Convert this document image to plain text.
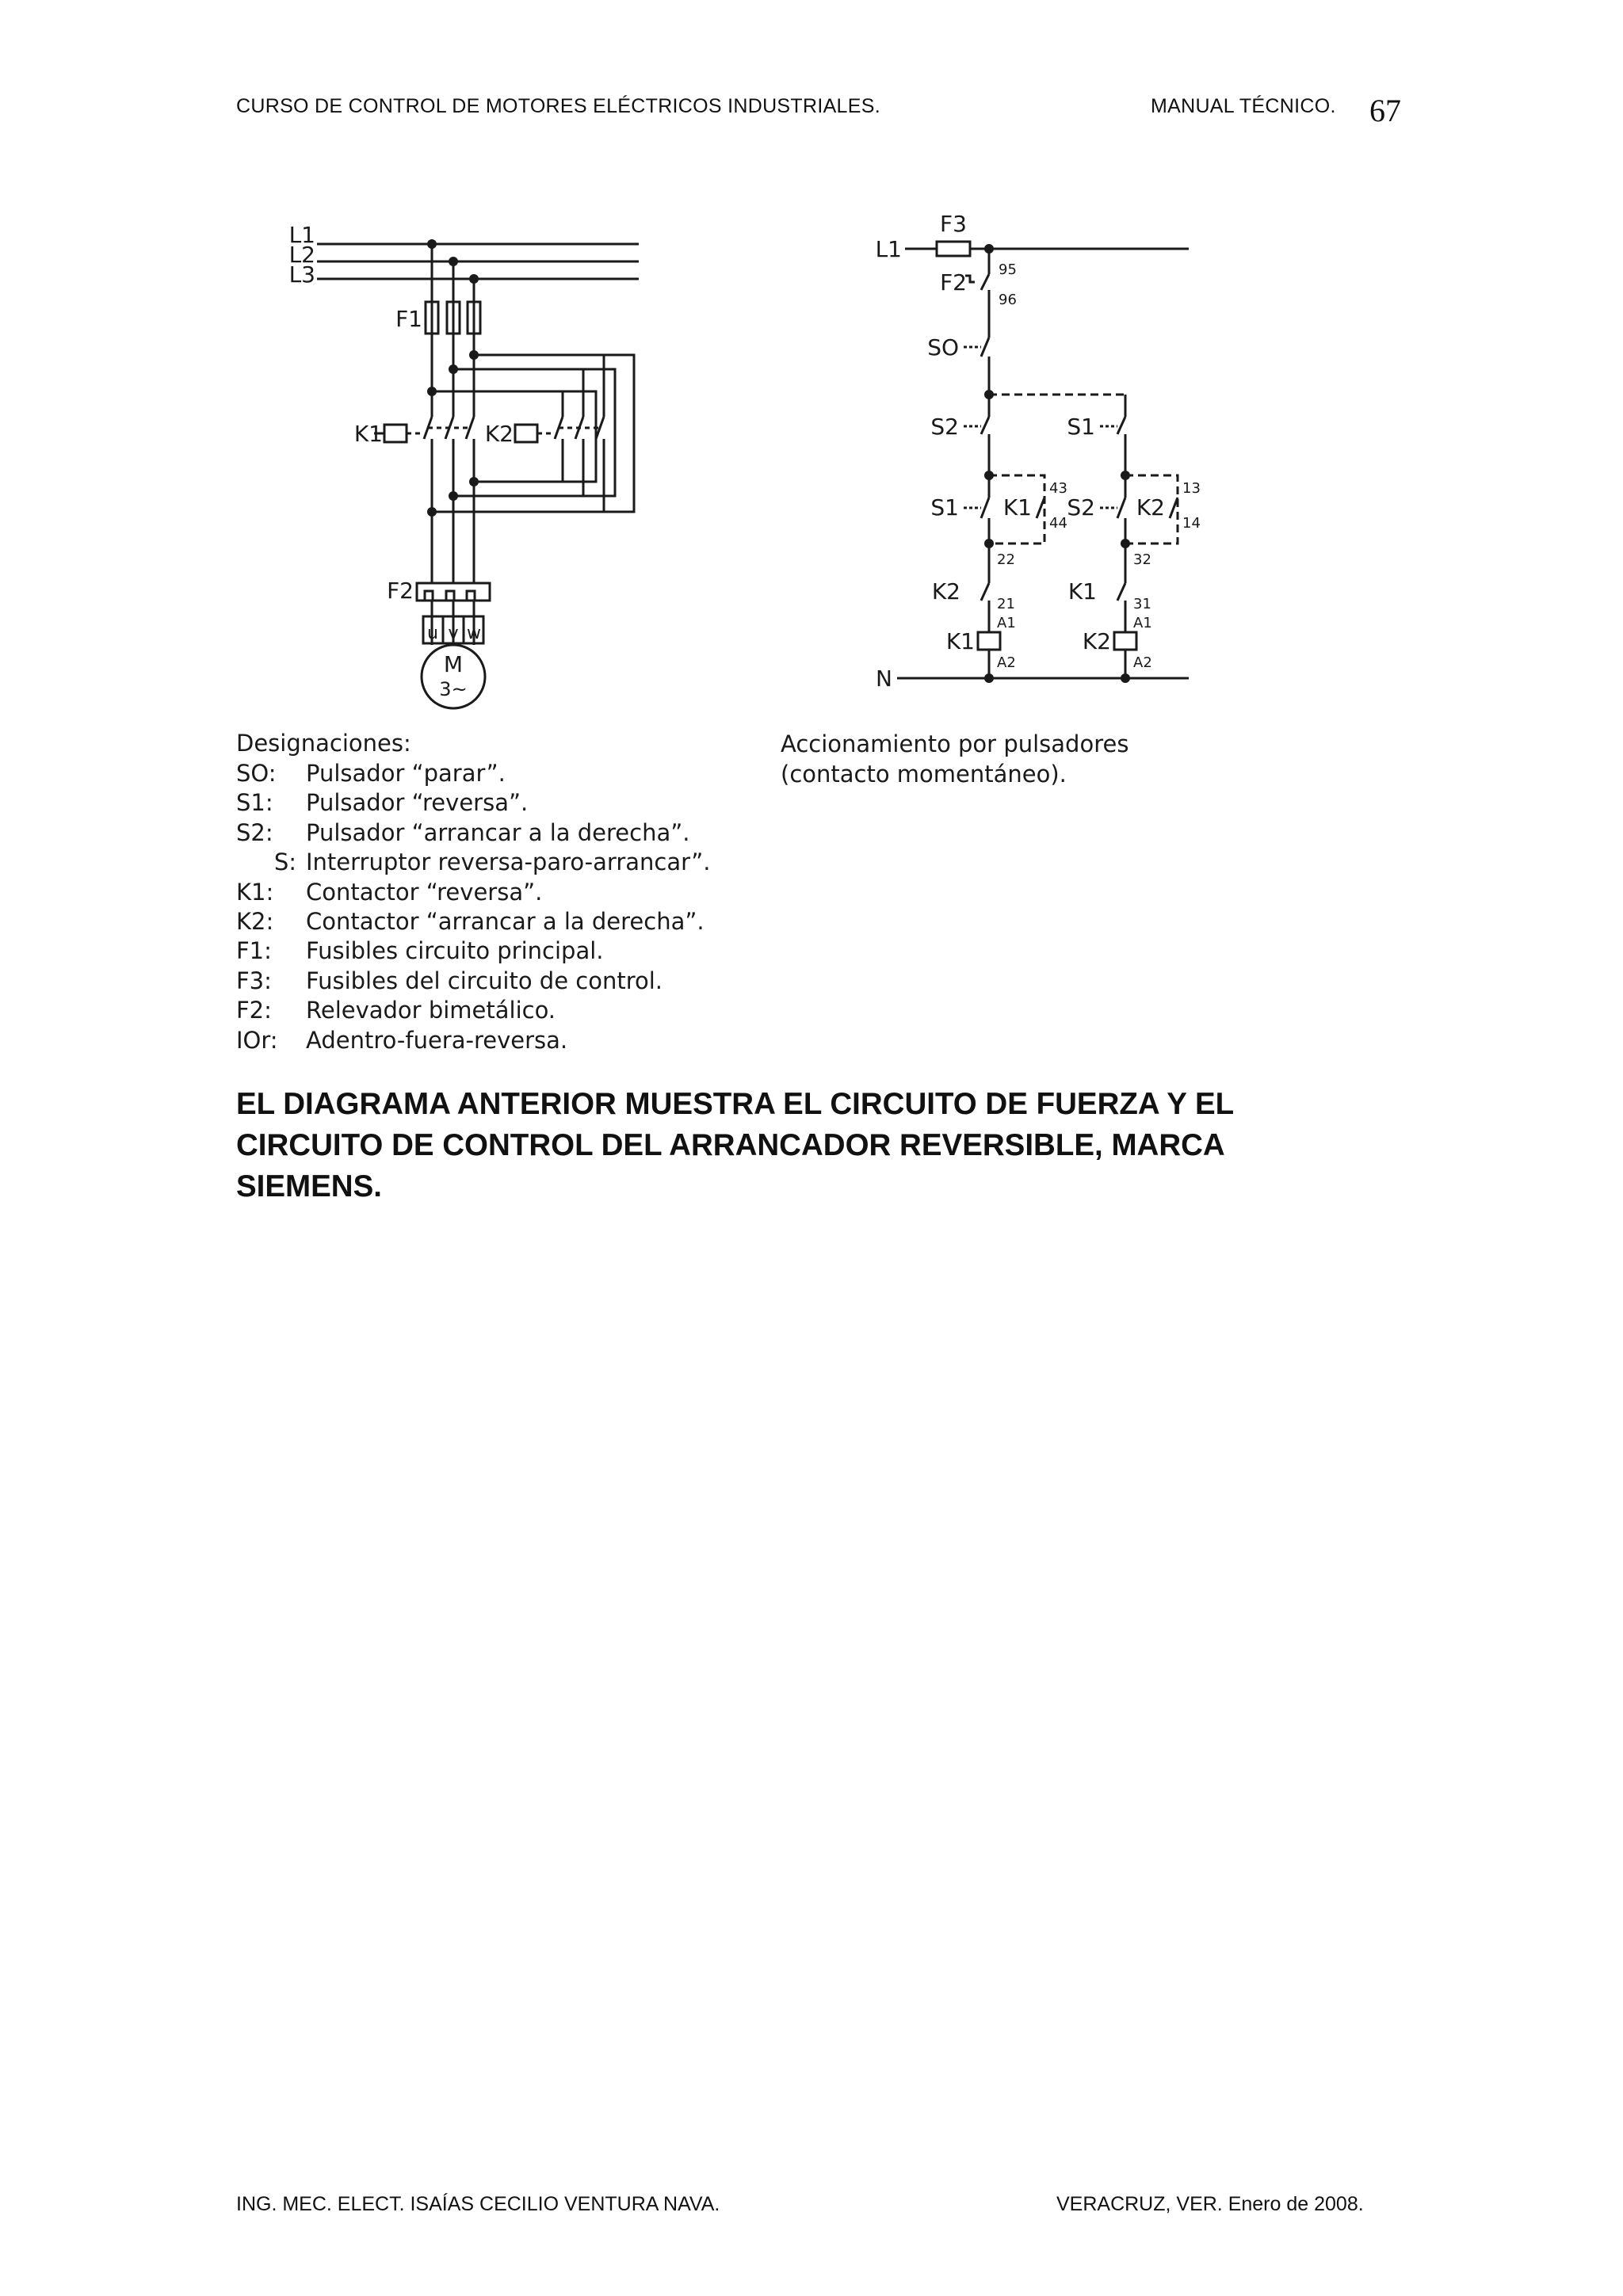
CURSO DE CONTROL DE MOTORES ELÉCTRICOS INDUSTRIALES.	MANUAL TÉCNICO. 67
L1
L2
L3
F1
K1	K2
F2
u v w
M
3~
L1
F3
F2 95
96
SO
S2
S1 K1
43
44
K2
22
21
K1
A1
A2
S1
S2 K2
13
14
K1
32
31
K2
A1
A2
N
Designaciones:
SO: Pulsador “parar”.
S1: Pulsador “reversa”.
S2: Pulsador “arrancar a la derecha”.
S: Interruptor reversa-paro-arrancar”.
K1: Contactor “reversa”.
K2: Contactor “arrancar a la derecha”.
F1: Fusibles circuito principal.
F3: Fusibles del circuito de control.
F2: Relevador bimetálico.
IOr: Adentro-fuera-reversa.
Accionamiento por pulsadores
(contacto momentáneo).
EL DIAGRAMA ANTERIOR MUESTRA EL CIRCUITO DE FUERZA Y EL
CIRCUITO DE CONTROL DEL ARRANCADOR REVERSIBLE, MARCA
SIEMENS.
ING. MEC. ELECT. ISAÍAS CECILIO VENTURA NAVA.	VERACRUZ, VER. Enero de 2008.
